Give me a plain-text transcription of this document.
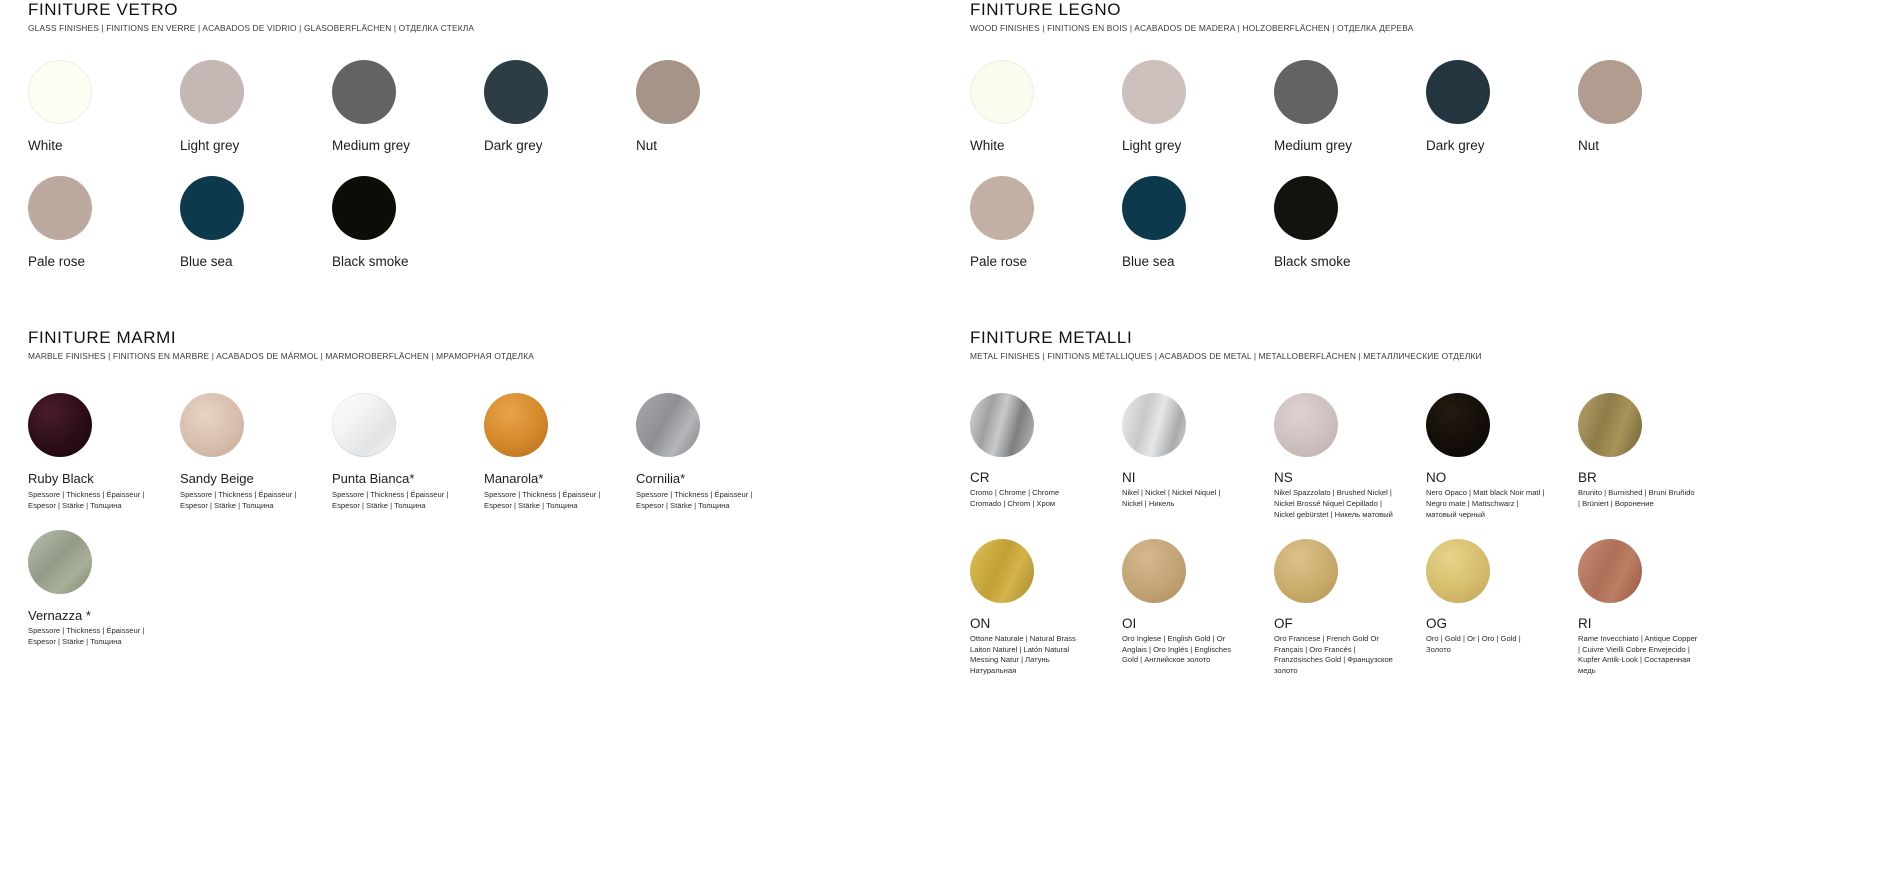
FINITURE VETRO
GLASS FINISHES | FINITIONS EN VERRE | ACABADOS DE VIDRIO | GLASOBERFLÄCHEN | ОТДЕЛКА СТЕКЛА
White	Light grey	Medium grey	Dark grey	Nut
Pale rose	Blue sea	Black smoke
FINITURE LEGNO
WOOD FINISHES | FINITIONS EN BOIS | ACABADOS DE MADERA | HOLZOBERFLÄCHEN | ОТДЕЛКА ДЕРЕВА
White	Light grey	Medium grey	Dark grey	Nut
Pale rose	Blue sea	Black smoke
FINITURE MARMI
MARBLE FINISHES | FINITIONS EN MARBRE | ACABADOS DE MÁRMOL | MARMOROBERFLÄCHEN | МРАМОРНАЯ ОТДЕЛКА
Ruby Black
Spessore | Thickness | Épaisseur | Espesor | Stärke | Толщина
Sandy Beige
Spessore | Thickness | Épaisseur | Espesor | Stärke | Толщина
Punta Bianca*
Spessore | Thickness | Épaisseur | Espesor | Stärke | Толщина
Manarola*
Spessore | Thickness | Épaisseur | Espesor | Stärke | Толщина
Cornilia*
Spessore | Thickness | Épaisseur | Espesor | Stärke | Толщина
Vernazza *
Spessore | Thickness | Épaisseur | Espesor | Stärke | Толщина
FINITURE METALLI
METAL FINISHES | FINITIONS MÉTALLIQUES | ACABADOS DE METAL | METALLOBERFLÄCHEN | МЕТАЛЛИЧЕСКИЕ ОТДЕЛКИ
CR
Cromo | Chrome | Chrome Cromado | Chrom | Хром
NI
Nikel | Nickel | Nickel Niquel | Nickel | Никель
NS
Nikel Spazzolato | Brushed Nickel | Nickel Brossé Niquel Cepillado | Nickel gebürstet | Никель матовый
NO
Nero Opaco | Matt black Noir matl | Negro mate | Mattschwarz | матовый черный
BR
Brunito | Burnished | Bruni Bruñido | Brüniert | Воронение
ON
Ottone Naturale | Natural Brass Laiton Naturel | Latón Natural Messing Natur | Латунь Натуральная
OI
Oro Inglese | English Gold | Or Anglais | Oro Inglés | Englisches Gold | Английское золото
OF
Oro Francese | French Gold Or Français | Oro Francés | Französisches Gold | Французское золото
OG
Oro | Gold | Or | Oro | Gold | Золото
RI
Rame Invecchiato | Antique Copper | Cuivre Vieilli Cobre Envejecido | Kupfer Antik-Look | Состаренная медь
